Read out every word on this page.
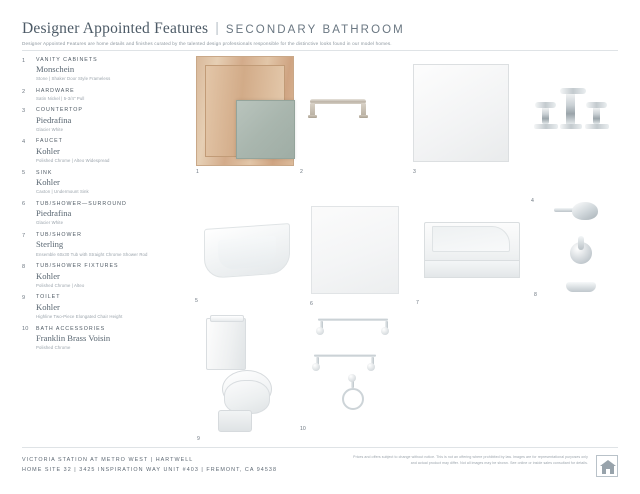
Designer Appointed Features | SECONDARY BATHROOM
Designer Appointed Features are home details and finishes curated by the talented design professionals responsible for the distinctive looks found in our model homes.
1 VANITY CABINETS
Monschein
Stone | Shaker Door Style Frameless
2 HARDWARE
Satin Nickel | 5-3/4" Pull
3 COUNTERTOP
Piedrafina
Glacier White
4 FAUCET
Kohler
Polished Chrome | Alteo Widespread
5 SINK
Kohler
Caxton | Undermount Sink
6 TUB/SHOWER—SURROUND
Piedrafina
Glacier White
7 TUB/SHOWER
Sterling
Ensemble 60x30 Tub with Straight Chrome Shower Rod
8 TUB/SHOWER FIXTURES
Kohler
Polished Chrome | Alteo
9 TOILET
Kohler
Highline Two-Piece Elongated Chair Height
10 BATH ACCESSORIES
Franklin Brass Voisin
Polished Chrome
1	2	3
4
5	6	7
8
9
10
VICTORIA STATION AT METRO WEST | HARTWELL
HOME SITE 32 | 3425 INSPIRATION WAY UNIT #403 | FREMONT, CA 94538
Prices and offers subject to change without notice. This is not an offering where prohibited by law. Images are for representational purposes only and actual product may differ. Not all images may be shown. See online or inside sales consultant for details.
